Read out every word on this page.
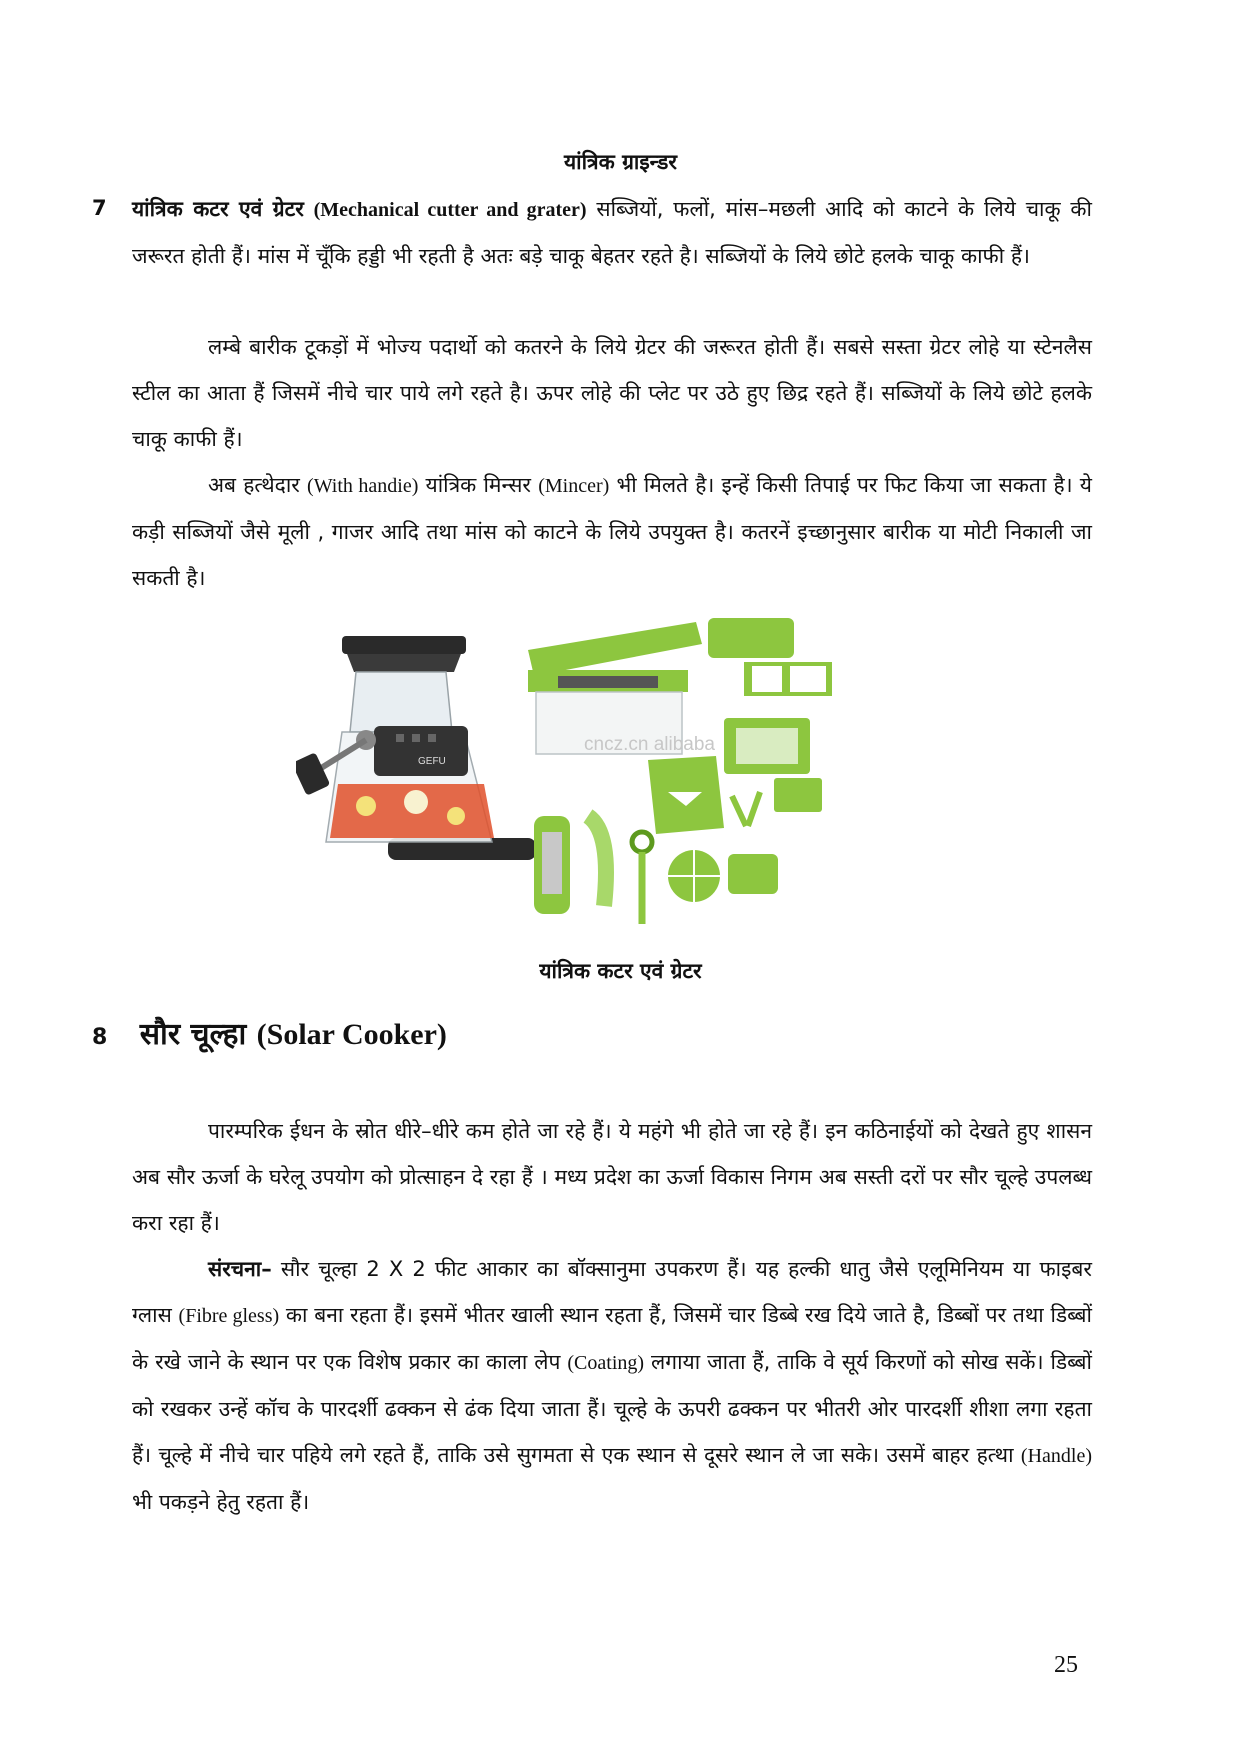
यांत्रिक ग्राइन्डर
7 यांत्रिक कटर एवं ग्रेटर (Mechanical cutter and grater) सब्जियों, फलों, मांस–मछली आदि को काटने के लिये चाकू की जरूरत होती हैं। मांस में चूँकि हड्डी भी रहती है अतः बड़े चाकू बेहतर रहते है। सब्जियों के लिये छोटे हलके चाकू काफी हैं।

लम्बे बारीक टूकड़ों में भोज्य पदार्थो को कतरने के लिये ग्रेटर की जरूरत होती हैं। सबसे सस्ता ग्रेटर लोहे या स्टेनलैस स्टील का आता हैं जिसमें नीचे चार पाये लगे रहते है। ऊपर लोहे की प्लेट पर उठे हुए छिद्र रहते हैं। सब्जियों के लिये छोटे हलके चाकू काफी हैं।

अब हत्थेदार (With handie) यांत्रिक मिन्सर (Mincer) भी मिलते है। इन्हें किसी तिपाई पर फिट किया जा सकता है। ये कड़ी सब्जियों जैसे मूली , गाजर आदि तथा मांस को काटने के लिये उपयुक्त है। कतरनें इच्छानुसार बारीक या मोटी निकाली जा सकती है।

GEFU
cncz.cn alibaba
यांत्रिक कटर एवं ग्रेटर
8 सौर चूल्हा (Solar Cooker)

पारम्परिक ईधन के स्रोत धीरे–धीरे कम होते जा रहे हैं। ये महंगे भी होते जा रहे हैं। इन कठिनाईयों को देखते हुए शासन अब सौर ऊर्जा के घरेलू उपयोग को प्रोत्साहन दे रहा हैं । मध्य प्रदेश का ऊर्जा विकास निगम अब सस्ती दरों पर सौर चूल्हे उपलब्ध करा रहा हैं।

संरचना– सौर चूल्हा 2 X 2 फीट आकार का बॉक्सानुमा उपकरण हैं। यह हल्की धातु जैसे एलूमिनियम या फाइबर ग्लास (Fibre gless) का बना रहता हैं। इसमें भीतर खाली स्थान रहता हैं, जिसमें चार डिब्बे रख दिये जाते है, डिब्बों पर तथा डिब्बों के रखे जाने के स्थान पर एक विशेष प्रकार का काला लेप (Coating) लगाया जाता हैं, ताकि वे सूर्य किरणों को सोख सकें। डिब्बों को रखकर उन्हें कॉच के पारदर्शी ढक्कन से ढंक दिया जाता हैं। चूल्हे के ऊपरी ढक्कन पर भीतरी ओर पारदर्शी शीशा लगा रहता हैं। चूल्हे में नीचे चार पहिये लगे रहते हैं, ताकि उसे सुगमता से एक स्थान से दूसरे स्थान ले जा सके। उसमें बाहर हत्था (Handle) भी पकड़ने हेतु रहता हैं।

25
